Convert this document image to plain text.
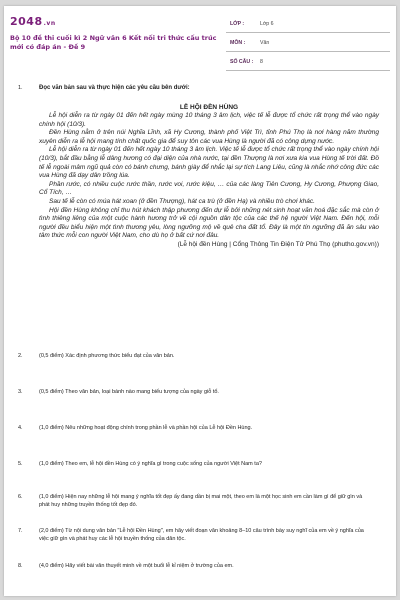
2048.vn
Bộ 10 đề thi cuối kì 2 Ngữ văn 6 Kết nối tri thức cấu trúc mới có đáp án - Đề 9
LỚP :	Lớp 6
MÔN :	Văn
SỐ CÂU : 8
1.	Đọc văn bản sau và thực hiện các yêu cầu bên dưới:
LỄ HỘI ĐỀN HÙNG

Lễ hội diễn ra từ ngày 01 đến hết ngày mùng 10 tháng 3 âm lịch, việc tế lễ được tổ chức rất trọng thể vào ngày chính hội (10/3).

Đền Hùng nằm ở trên núi Nghĩa Lĩnh, xã Hy Cương, thành phố Việt Trì, tỉnh Phú Thọ là nơi hàng năm thường xuyên diễn ra lễ hội mang tính chất quốc gia để suy tôn các vua Hùng là người đã có công dựng nước.

Lễ hội diễn ra từ ngày 01 đến hết ngày 10 tháng 3 âm lịch. Việc tế lễ được tổ chức rất trọng thể vào ngày chính hội (10/3), bắt đầu bằng lễ dâng hương có đại diện của nhà nước, tại đền Thượng là nơi xưa kia vua Hùng tế trời đất. Đồ tế lễ ngoài mâm ngũ quả còn có bánh chưng, bánh giày để nhắc lại sự tích Lang Liêu, cũng là nhắc nhớ công đức các vua Hùng đã dạy dân trồng lúa.

Phần rước, có nhiều cuộc rước thần, rước voi, rước kiệu, … của các làng Tiên Cương, Hy Cương, Phượng Giao, Cổ Tích, …

Sau tế lễ còn có múa hát xoan (ở đền Thượng), hát ca trù (ở đền Hạ) và nhiều trò chơi khác.

Hội đền Hùng không chỉ thu hút khách thập phương đến dự lễ bởi những nét sinh hoạt văn hoá đặc sắc mà còn ở tình thiêng liêng của một cuộc hành hương trở về cội nguồn dân tộc của các thế hệ người Việt Nam. Đến hội, mỗi người đều biểu hiện một tình thương yêu, lòng ngưỡng mộ về quê cha đất tổ. Đây là một tín ngưỡng đã ăn sâu vào tâm thức mỗi con người Việt Nam, cho dù họ ở bất cứ nơi đâu.

(Lễ hội đền Hùng | Cổng Thông Tin Điện Tử Phú Thọ (phutho.gov.vn))

2.	(0,5 điểm) Xác định phương thức biểu đạt của văn bản.
3.	(0,5 điểm) Theo văn bản, loại bánh nào mang biểu tượng của ngày giỗ tổ.
4.	(1,0 điểm) Nêu những hoạt động chính trong phần lễ và phần hội của Lễ hội Đền Hùng.
5.	(1,0 điểm) Theo em, lễ hội đền Hùng có ý nghĩa gì trong cuộc sống của người Việt Nam ta?
6.	(1,0 điểm) Hiện nay những lễ hội mang ý nghĩa tốt đẹp ấy đang dần bị mai một, theo em là một học sinh em cần làm gì để giữ gìn và phát huy những truyền thống tốt đẹp đó.
7.	(2,0 điểm) Từ nội dung văn bản "Lễ hội Đền Hùng", em hãy viết đoạn văn khoảng 8–10 câu trình bày suy nghĩ của em về ý nghĩa của việc giữ gìn và phát huy các lễ hội truyền thống của dân tộc.
8.	(4,0 điểm) Hãy viết bài văn thuyết minh về một buổi lễ kỉ niệm ở trường của em.
